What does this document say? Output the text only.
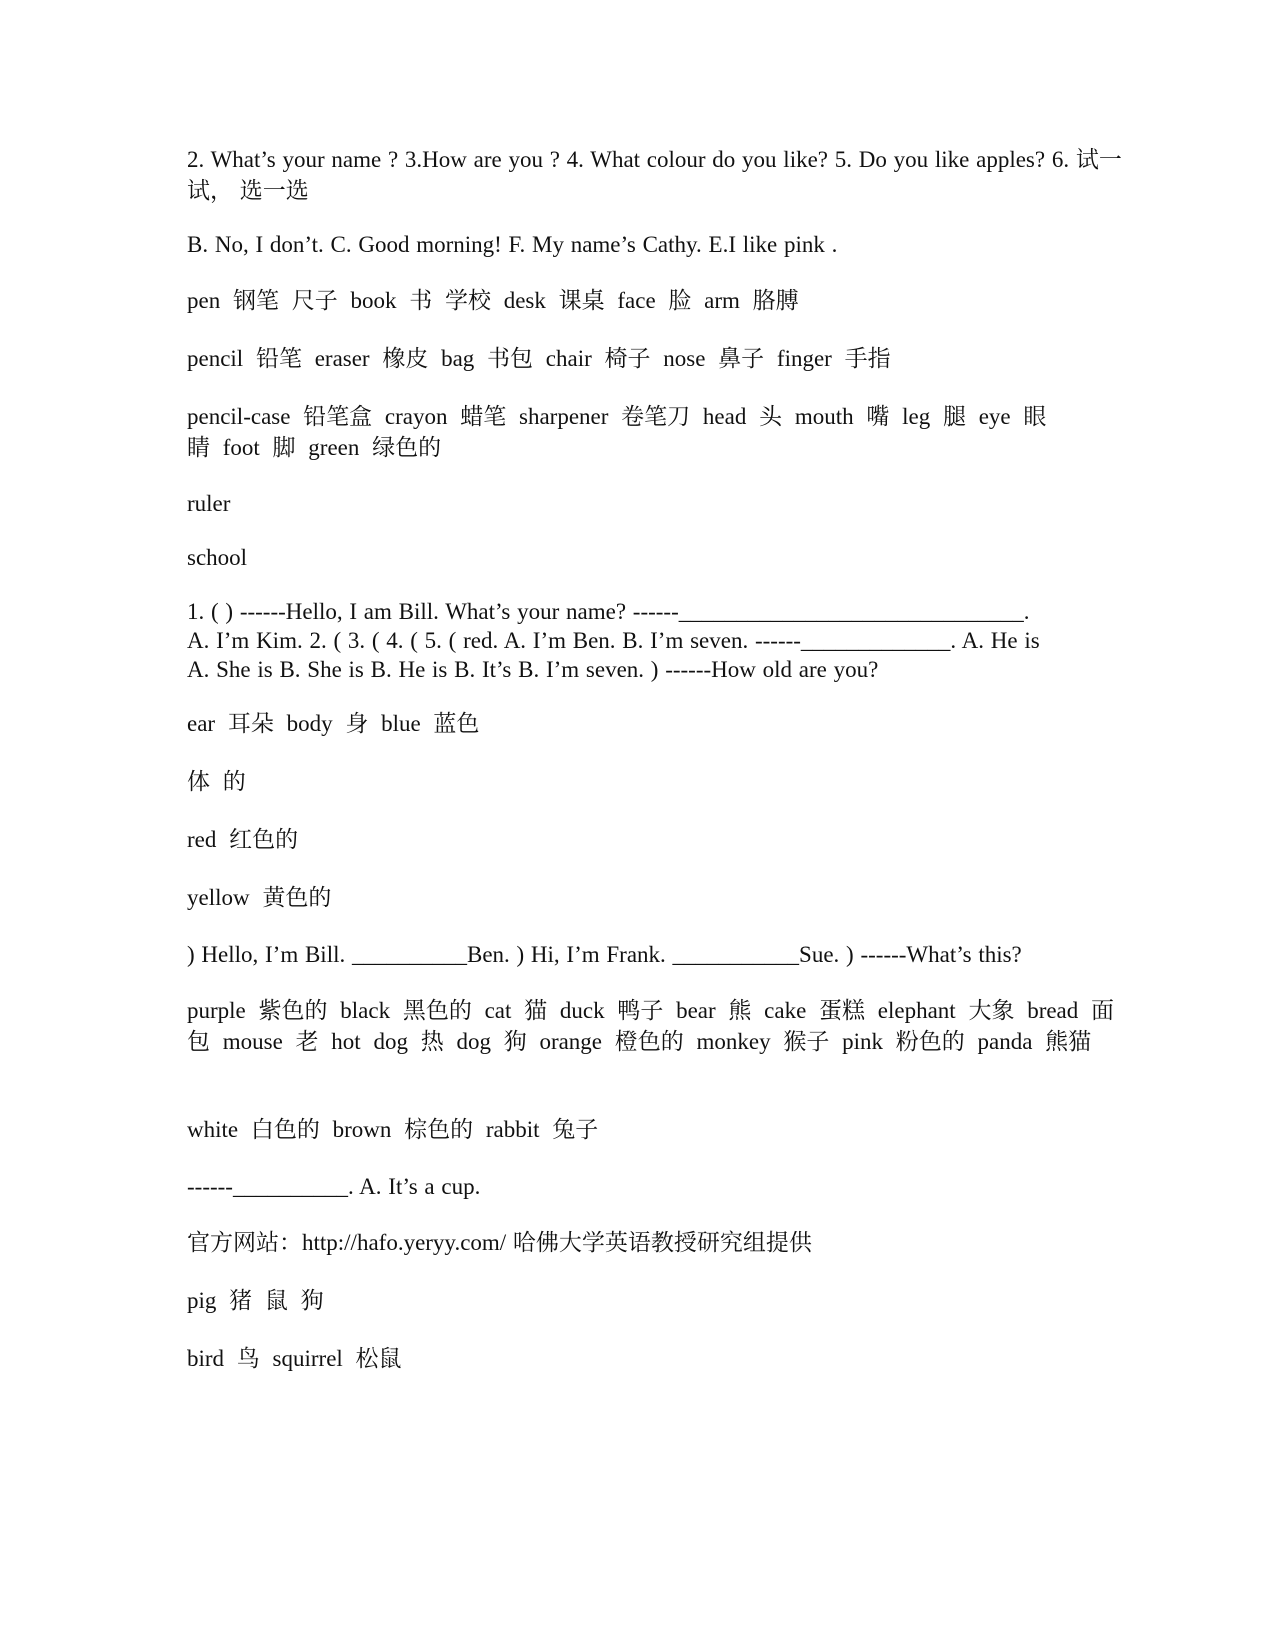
2. What’s your name ? 3.How are you ? 4. What colour do you like? 5. Do you like apples? 6. 试一试， 选一选

B. No, I don’t. C. Good morning! F. My name’s Cathy. E.I like pink .

pen 钢笔 尺子 book 书 学校 desk 课桌 face 脸 arm 胳膊

pencil 铅笔 eraser 橡皮 bag 书包 chair 椅子 nose 鼻子 finger 手指

pencil-case 铅笔盒 crayon 蜡笔 sharpener 卷笔刀 head 头 mouth 嘴 leg 腿 eye 眼睛 foot 脚 green 绿色的

ruler

school

1. ( ) ------Hello, I am Bill. What’s your name? ------______________________________. A. I’m Kim. 2. ( 3. ( 4. ( 5. ( red. A. I’m Ben. B. I’m seven. ------_____________. A. He is A. She is B. She is B. He is B. It’s B. I’m seven. ) ------How old are you?

ear 耳朵 body 身 blue 蓝色

体 的

red 红色的

yellow 黄色的

) Hello, I’m Bill. __________Ben. ) Hi, I’m Frank. ___________Sue. ) ------What’s this?

purple 紫色的 black 黑色的 cat 猫 duck 鸭子 bear 熊 cake 蛋糕 elephant 大象 bread 面包 mouse 老 hot dog 热 dog 狗 orange 橙色的 monkey 猴子 pink 粉色的 panda 熊猫

white 白色的 brown 棕色的 rabbit 兔子

------__________. A. It’s a cup.

官方网站：http://hafo.yeryy.com/ 哈佛大学英语教授研究组提供

pig 猪 鼠 狗

bird 鸟 squirrel 松鼠
